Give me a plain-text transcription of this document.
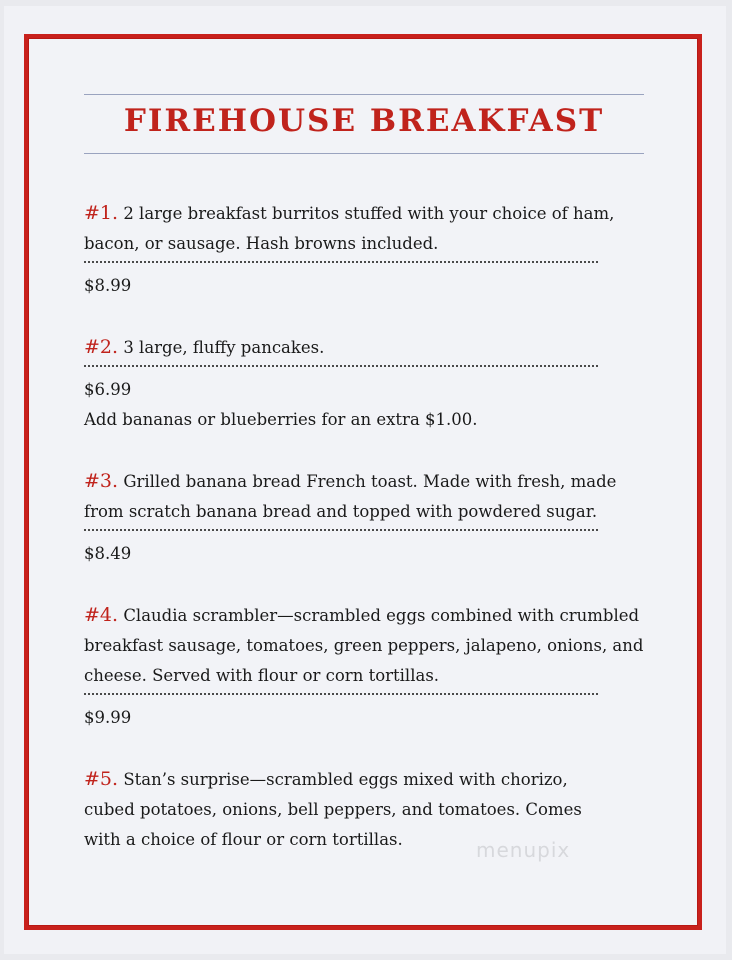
FIREHOUSE BREAKFAST
#1. 2 large breakfast burritos stuffed with your choice of ham, bacon, or sausage. Hash browns included.
$8.99
#2. 3 large, fluffy pancakes.
$6.99
Add bananas or blueberries for an extra $1.00.
#3. Grilled banana bread French toast. Made with fresh, made from scratch banana bread and topped with powdered sugar.
$8.49
#4. Claudia scrambler—scrambled eggs combined with crumbled breakfast sausage, tomatoes, green peppers, jalapeno, onions, and cheese. Served with flour or corn tortillas.
$9.99
#5. Stan’s surprise—scrambled eggs mixed with chorizo, cubed potatoes, onions, bell peppers, and tomatoes. Comes with a choice of flour or corn tortillas.	menupix
